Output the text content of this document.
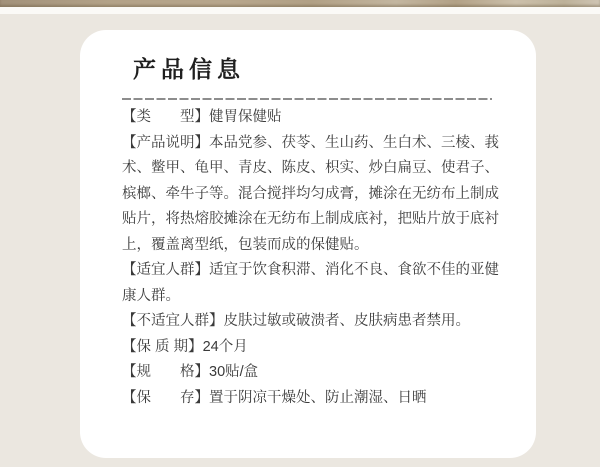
产品信息

【类　　型】健胃保健贴

【产品说明】本品党参、茯苓、生山药、生白术、三棱、莪术、鳖甲、龟甲、青皮、陈皮、枳实、炒白扁豆、使君子、槟榔、牵牛子等。混合搅拌均匀成膏，摊涂在无纺布上制成贴片，将热熔胶摊涂在无纺布上制成底衬，把贴片放于底衬上，覆盖离型纸，包装而成的保健贴。

【适宜人群】适宜于饮食积滞、消化不良、食欲不佳的亚健康人群。

【不适宜人群】皮肤过敏或破溃者、皮肤病患者禁用。

【保 质 期】24个月

【规　　格】30贴/盒

【保　　存】置于阴凉干燥处、防止潮湿、日晒
